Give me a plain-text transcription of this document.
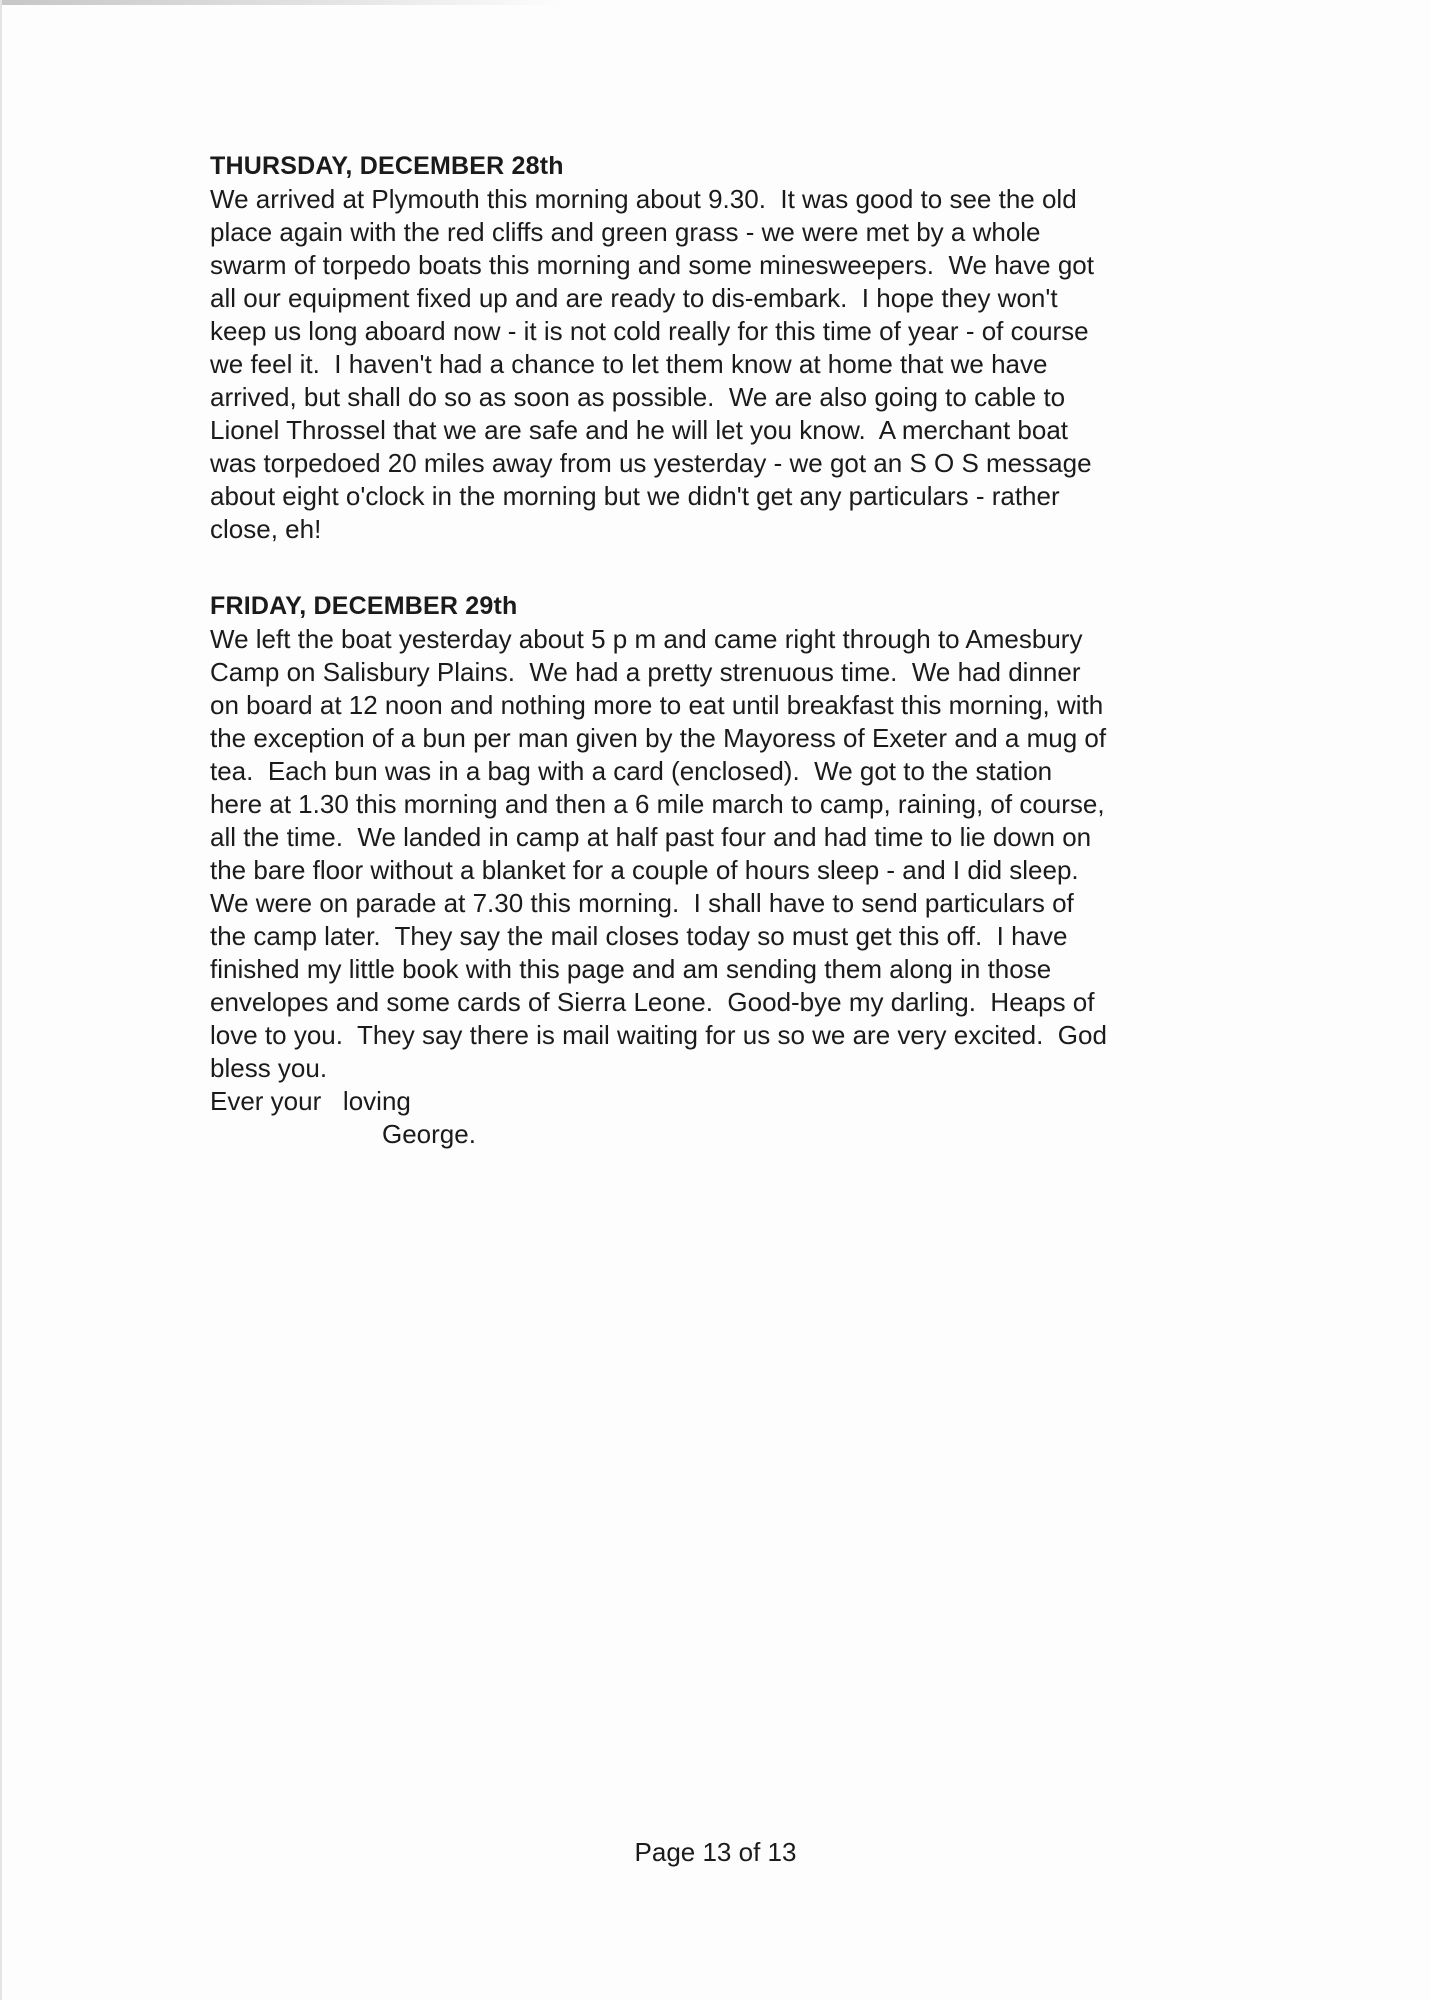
THURSDAY, DECEMBER 28th
We arrived at Plymouth this morning about 9.30.  It was good to see the old
place again with the red cliffs and green grass - we were met by a whole
swarm of torpedo boats this morning and some minesweepers.  We have got
all our equipment fixed up and are ready to dis-embark.  I hope they won't
keep us long aboard now - it is not cold really for this time of year - of course
we feel it.  I haven't had a chance to let them know at home that we have
arrived, but shall do so as soon as possible.  We are also going to cable to
Lionel Throssel that we are safe and he will let you know.  A merchant boat
was torpedoed 20 miles away from us yesterday - we got an S O S message
about eight o'clock in the morning but we didn't get any particulars - rather
close, eh!
FRIDAY, DECEMBER 29th
We left the boat yesterday about 5 p m and came right through to Amesbury
Camp on Salisbury Plains.  We had a pretty strenuous time.  We had dinner
on board at 12 noon and nothing more to eat until breakfast this morning, with
the exception of a bun per man given by the Mayoress of Exeter and a mug of
tea.  Each bun was in a bag with a card (enclosed).  We got to the station
here at 1.30 this morning and then a 6 mile march to camp, raining, of course,
all the time.  We landed in camp at half past four and had time to lie down on
the bare floor without a blanket for a couple of hours sleep - and I did sleep.
We were on parade at 7.30 this morning.  I shall have to send particulars of
the camp later.  They say the mail closes today so must get this off.  I have
finished my little book with this page and am sending them along in those
envelopes and some cards of Sierra Leone.  Good-bye my darling.  Heaps of
love to you.  They say there is mail waiting for us so we are very excited.  God
bless you.
Ever your   loving
George.
Page 13 of 13
